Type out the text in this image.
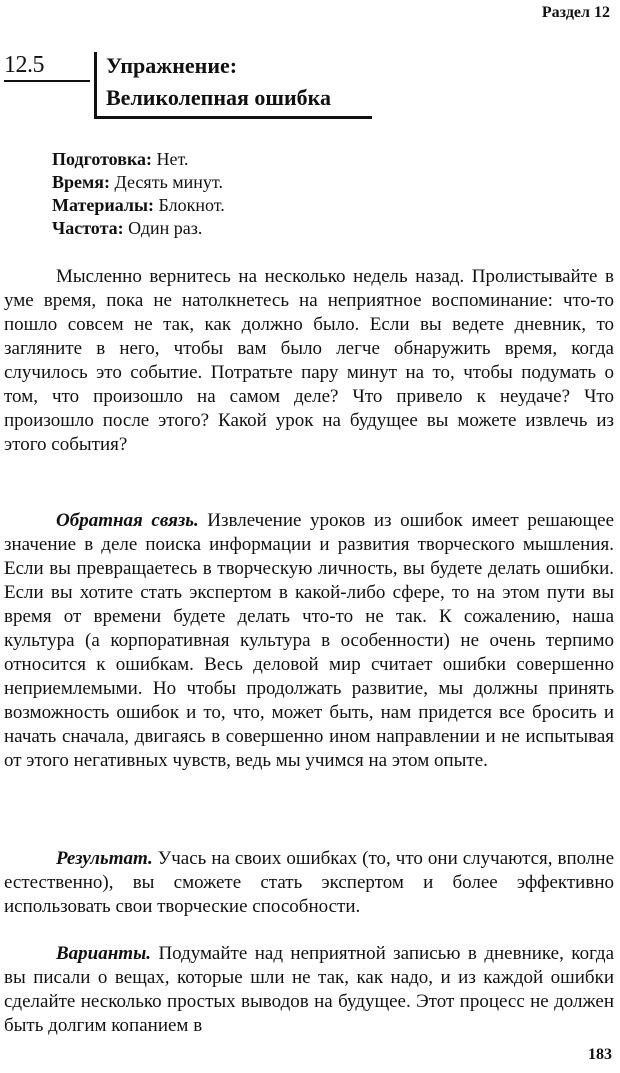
Раздел 12
12.5	Упражнение:
Великолепная ошибка
Подготовка: Нет.
Время: Десять минут.
Материалы: Блокнот.
Частота: Один раз.

Мысленно вернитесь на несколько недель назад. Пролистывайте в уме время, пока не натолкнетесь на неприятное воспоминание: что-то пошло совсем не так, как должно было. Если вы ведете дневник, то загляните в него, чтобы вам было легче обнаружить время, когда случилось это событие. Потратьте пару минут на то, чтобы подумать о том, что произошло на самом деле? Что привело к неудаче? Что произошло после этого? Какой урок на будущее вы можете извлечь из этого события?

Обратная связь. Извлечение уроков из ошибок имеет решающее значение в деле поиска информации и развития творческого мышления. Если вы превращаетесь в творческую личность, вы будете делать ошибки. Если вы хотите стать экспертом в какой-либо сфере, то на этом пути вы время от времени будете делать что-то не так. К сожалению, наша культура (а корпоративная культура в особенности) не очень терпимо относится к ошибкам. Весь деловой мир считает ошибки совершенно неприемлемыми. Но чтобы продолжать развитие, мы должны принять возможность ошибок и то, что, может быть, нам придется все бросить и начать сначала, двигаясь в совершенно ином направлении и не испытывая от этого негативных чувств, ведь мы учимся на этом опыте.

Результат. Учась на своих ошибках (то, что они случаются, вполне естественно), вы сможете стать экспертом и более эффективно использовать свои творческие способности.

Варианты. Подумайте над неприятной записью в дневнике, когда вы писали о вещах, которые шли не так, как надо, и из каждой ошибки сделайте несколько простых выводов на будущее. Этот процесс не должен быть долгим копанием в

183
